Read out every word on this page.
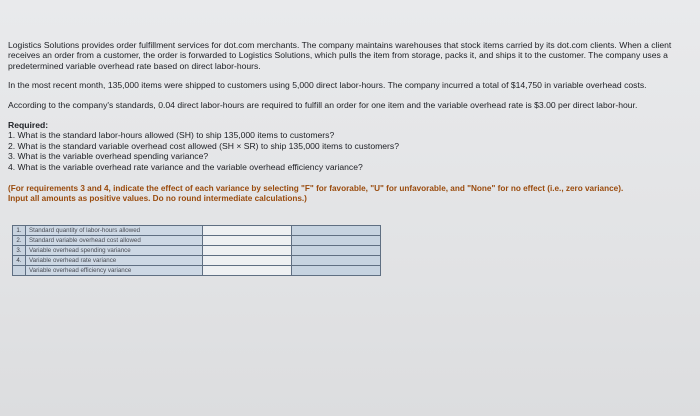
Logistics Solutions provides order fulfillment services for dot.com merchants. The company maintains warehouses that stock items carried by its dot.com clients. When a client receives an order from a customer, the order is forwarded to Logistics Solutions, which pulls the item from storage, packs it, and ships it to the customer. The company uses a predetermined variable overhead rate based on direct labor-hours.

In the most recent month, 135,000 items were shipped to customers using 5,000 direct labor-hours. The company incurred a total of $14,750 in variable overhead costs.

According to the company's standards, 0.04 direct labor-hours are required to fulfill an order for one item and the variable overhead rate is $3.00 per direct labor-hour.

Required:

1. What is the standard labor-hours allowed (SH) to ship 135,000 items to customers?
2. What is the standard variable overhead cost allowed (SH × SR) to ship 135,000 items to customers?
3. What is the variable overhead spending variance?
4. What is the variable overhead rate variance and the variable overhead efficiency variance?

(For requirements 3 and 4, indicate the effect of each variance by selecting "F" for favorable, "U" for unfavorable, and "None" for no effect (i.e., zero variance). Input all amounts as positive values. Do no round intermediate calculations.)

1.	Standard quantity of labor-hours allowed		
2.	Standard variable overhead cost allowed		
3.	Variable overhead spending variance		
4.	Variable overhead rate variance		
	Variable overhead efficiency variance		
